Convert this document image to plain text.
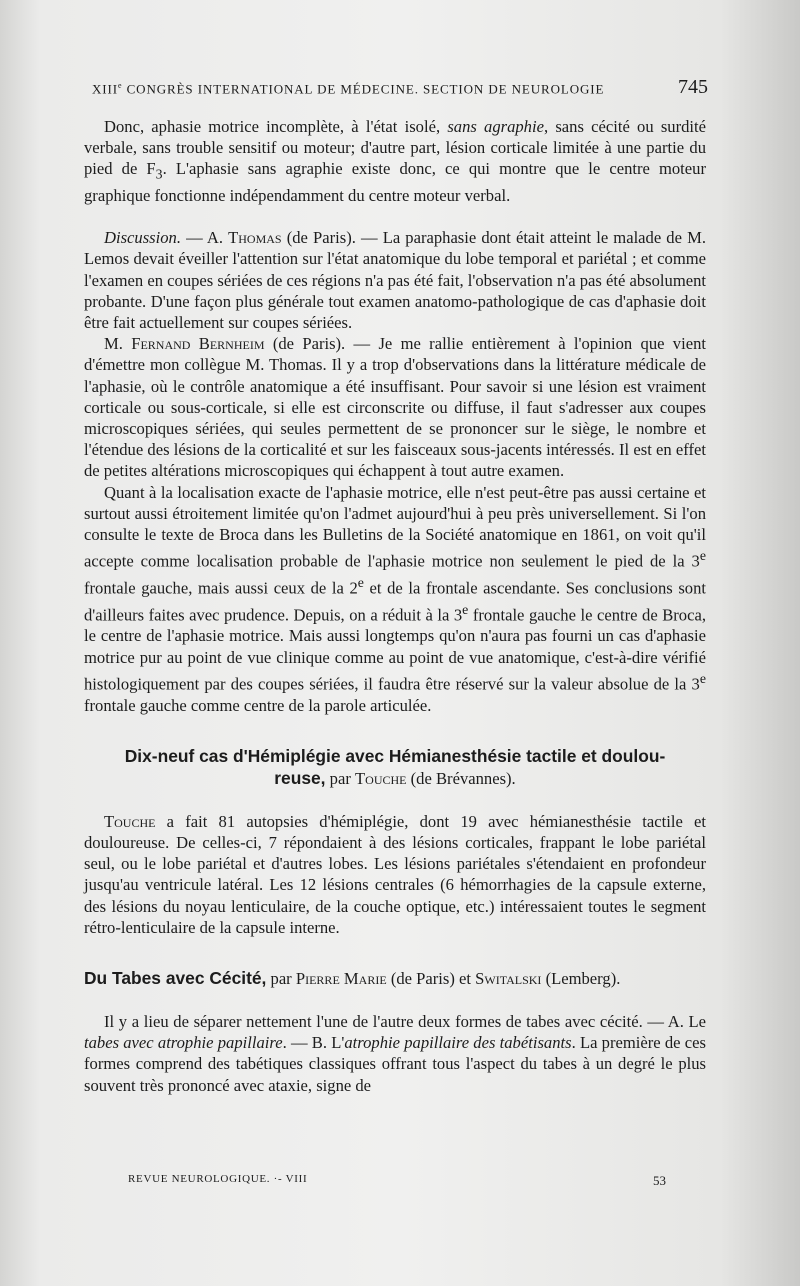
XIIIe CONGRÈS INTERNATIONAL DE MÉDECINE. SECTION DE NEUROLOGIE	745

Donc, aphasie motrice incomplète, à l'état isolé, sans agraphie, sans cécité ou surdité verbale, sans trouble sensitif ou moteur; d'autre part, lésion corticale limitée à une partie du pied de $F_3$. L'aphasie sans agraphie existe donc, ce qui montre que le centre moteur graphique fonctionne indépendamment du centre moteur verbal.

Discussion. — A. Thomas (de Paris). — La paraphasie dont était atteint le malade de M. Lemos devait éveiller l'attention sur l'état anatomique du lobe temporal et pariétal ; et comme l'examen en coupes sériées de ces régions n'a pas été fait, l'observation n'a pas été absolument probante. D'une façon plus générale tout examen anatomo-pathologique de cas d'aphasie doit être fait actuellement sur coupes sériées.

M. Fernand Bernheim (de Paris). — Je me rallie entièrement à l'opinion que vient d'émettre mon collègue M. Thomas. Il y a trop d'observations dans la littérature médicale de l'aphasie, où le contrôle anatomique a été insuffisant. Pour savoir si une lésion est vraiment corticale ou sous-corticale, si elle est circonscrite ou diffuse, il faut s'adresser aux coupes microscopiques sériées, qui seules permettent de se prononcer sur le siège, le nombre et l'étendue des lésions de la corticalité et sur les faisceaux sous-jacents intéressés. Il est en effet de petites altérations microscopiques qui échappent à tout autre examen.

Quant à la localisation exacte de l'aphasie motrice, elle n'est peut-être pas aussi certaine et surtout aussi étroitement limitée qu'on l'admet aujourd'hui à peu près universellement. Si l'on consulte le texte de Broca dans les Bulletins de la Société anatomique en 1861, on voit qu'il accepte comme localisation probable de l'aphasie motrice non seulement le pied de la 3e frontale gauche, mais aussi ceux de la 2e et de la frontale ascendante. Ses conclusions sont d'ailleurs faites avec prudence. Depuis, on a réduit à la 3e frontale gauche le centre de Broca, le centre de l'aphasie motrice. Mais aussi longtemps qu'on n'aura pas fourni un cas d'aphasie motrice pur au point de vue clinique comme au point de vue anatomique, c'est-à-dire vérifié histologiquement par des coupes sériées, il faudra être réservé sur la valeur absolue de la 3e frontale gauche comme centre de la parole articulée.

Dix-neuf cas d'Hémiplégie avec Hémianesthésie tactile et doulou-
reuse, par Touche (de Brévannes).

Touche a fait 81 autopsies d'hémiplégie, dont 19 avec hémianesthésie tactile et douloureuse. De celles-ci, 7 répondaient à des lésions corticales, frappant le lobe pariétal seul, ou le lobe pariétal et d'autres lobes. Les lésions pariétales s'étendaient en profondeur jusqu'au ventricule latéral. Les 12 lésions centrales (6 hémorrhagies de la capsule externe, des lésions du noyau lenticulaire, de la couche optique, etc.) intéressaient toutes le segment rétro-lenticulaire de la capsule interne.

Du Tabes avec Cécité, par Pierre Marie (de Paris) et Switalski (Lemberg).

Il y a lieu de séparer nettement l'une de l'autre deux formes de tabes avec cécité. — A. Le tabes avec atrophie papillaire. — B. L'atrophie papillaire des tabétisants. La première de ces formes comprend des tabétiques classiques offrant tous l'aspect du tabes à un degré le plus souvent très prononcé avec ataxie, signe de

REVUE NEUROLOGIQUE. ·- VIII	53
